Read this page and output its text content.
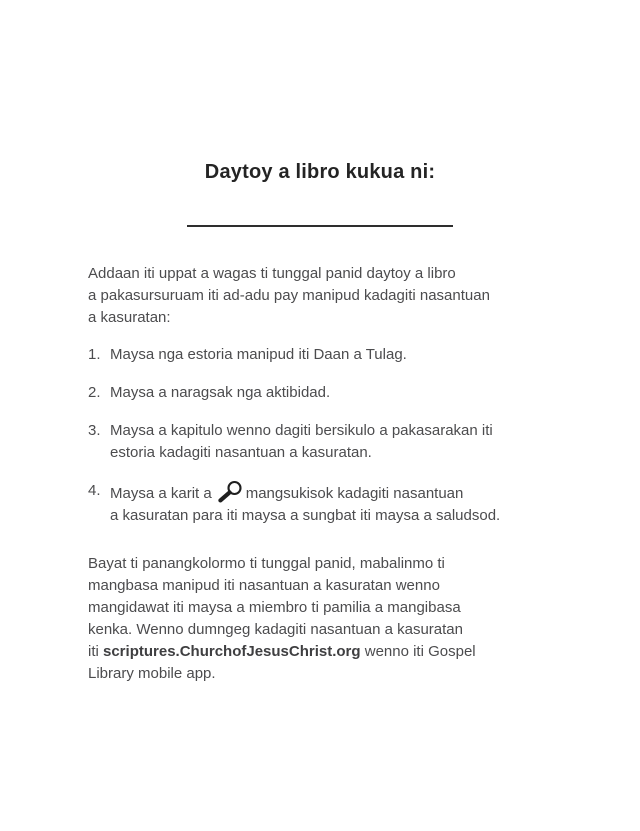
Daytoy a libro kukua ni:
Addaan iti uppat a wagas ti tunggal panid daytoy a libro
a pakasursuruam iti ad-adu pay manipud kadagiti nasantuan
a kasuratan:
1. Maysa nga estoria manipud iti Daan a Tulag.
2. Maysa a naragsak nga aktibidad.
3. Maysa a kapitulo wenno dagiti bersikulo a pakasarakan iti
estoria kadagiti nasantuan a kasuratan.
4. Maysa a karit a mangsukisok kadagiti nasantuan
a kasuratan para iti maysa a sungbat iti maysa a saludsod.
Bayat ti panangkolormo ti tunggal panid, mabalinmo ti
mangbasa manipud iti nasantuan a kasuratan wenno
mangidawat iti maysa a miembro ti pamilia a mangibasa
kenka. Wenno dumngeg kadagiti nasantuan a kasuratan
iti scriptures.ChurchofJesusChrist.org wenno iti Gospel
Library mobile app.
